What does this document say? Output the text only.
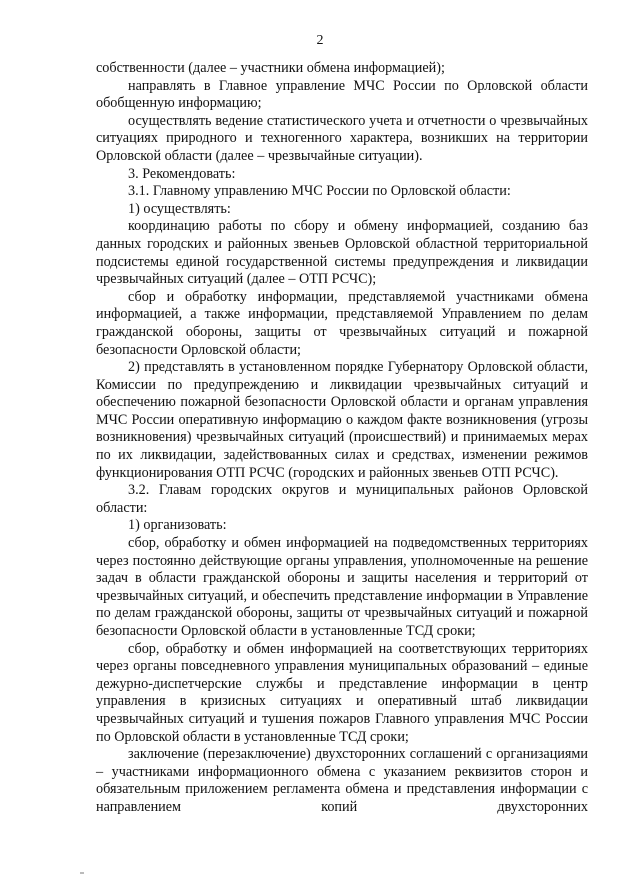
2

собственности (далее – участники обмена информацией);

направлять в Главное управление МЧС России по Орловской области обобщенную информацию;

осуществлять ведение статистического учета и отчетности о чрезвычайных ситуациях природного и техногенного характера, возникших на территории Орловской области (далее – чрезвычайные ситуации).

3. Рекомендовать:

3.1. Главному управлению МЧС России по Орловской области:

1) осуществлять:

координацию работы по сбору и обмену информацией, созданию баз данных городских и районных звеньев Орловской областной территориальной подсистемы единой государственной системы предупреждения и ликвидации чрезвычайных ситуаций (далее – ОТП РСЧС);

сбор и обработку информации, представляемой участниками обмена информацией, а также информации, представляемой Управлением по делам гражданской обороны, защиты от чрезвычайных ситуаций и пожарной безопасности Орловской области;

2) представлять в установленном порядке Губернатору Орловской области, Комиссии по предупреждению и ликвидации чрезвычайных ситуаций и обеспечению пожарной безопасности Орловской области и органам управления МЧС России оперативную информацию о каждом факте возникновения (угрозы возникновения) чрезвычайных ситуаций (происшествий) и принимаемых мерах по их ликвидации, задействованных силах и средствах, изменении режимов функционирования ОТП РСЧС (городских и районных звеньев ОТП РСЧС).

3.2. Главам городских округов и муниципальных районов Орловской области:

1) организовать:

сбор, обработку и обмен информацией на подведомственных территориях через постоянно действующие органы управления, уполномоченные на решение задач в области гражданской обороны и защиты населения и территорий от чрезвычайных ситуаций, и обеспечить представление информации в Управление по делам гражданской обороны, защиты от чрезвычайных ситуаций и пожарной безопасности Орловской области в установленные ТСД сроки;

сбор, обработку и обмен информацией на соответствующих территориях через органы повседневного управления муниципальных образований – единые дежурно-диспетчерские службы и представление информации в центр управления в кризисных ситуациях и оперативный штаб ликвидации чрезвычайных ситуаций и тушения пожаров Главного управления МЧС России по Орловской области в установленные ТСД сроки;

заключение (перезаключение) двухсторонних соглашений с организациями – участниками информационного обмена с указанием реквизитов сторон и обязательным приложением регламента обмена и представления информации с направлением копий двухсторонних
